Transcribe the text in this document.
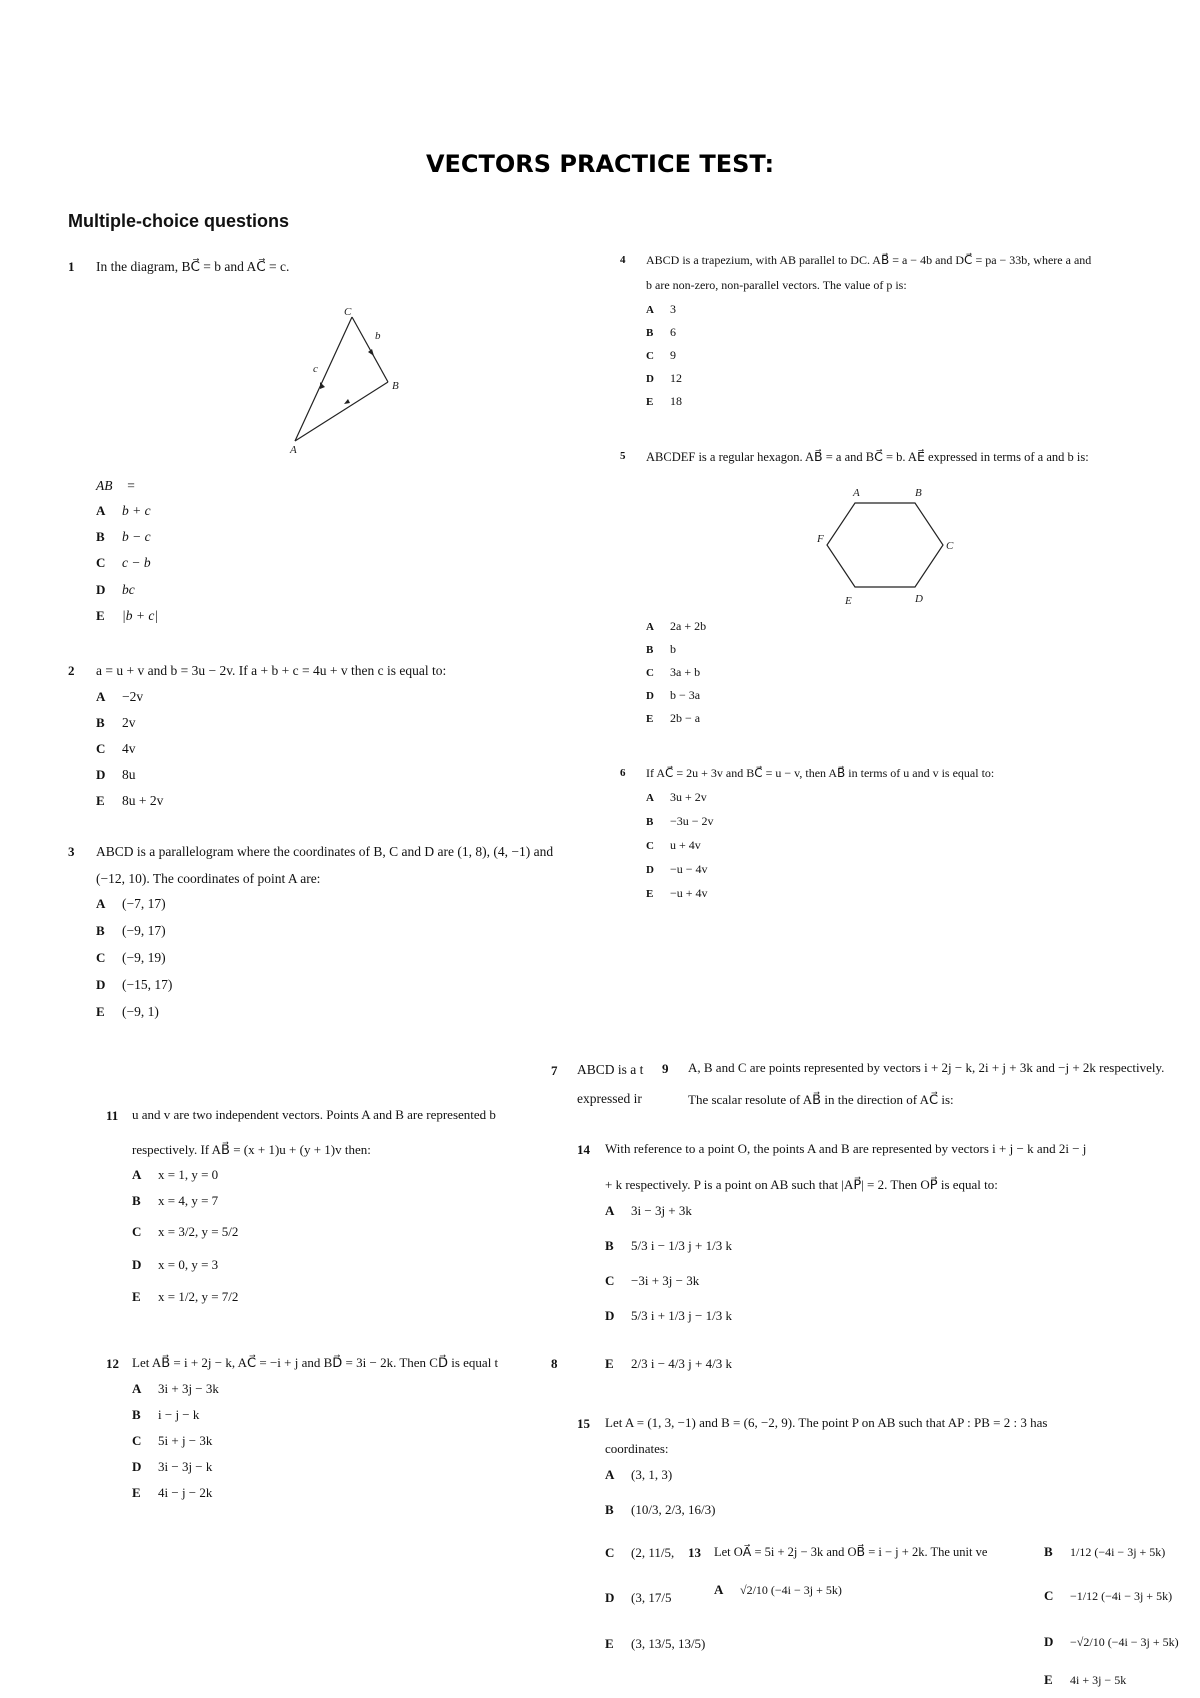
VECTORS PRACTICE TEST:
Multiple-choice questions
1 In the diagram, BC⃗ = b and AC⃗ = c.
C
B
A
b
c
AB⃗ =
A b + c
B b − c
C c − b
D bc
E |b + c|
2 a = u + v and b = 3u − 2v. If a + b + c = 4u + v then c is equal to:
A −2v
B 2v
C 4v
D 8u
E 8u + 2v
3 ABCD is a parallelogram where the coordinates of B, C and D are (1, 8), (4, −1) and
(−12, 10). The coordinates of point A are:
A (−7, 17)
B (−9, 17)
C (−9, 19)
D (−15, 17)
E (−9, 1)
4 ABCD is a trapezium, with AB parallel to DC. AB⃗ = a − 4b and DC⃗ = pa − 33b, where a and
b are non-zero, non-parallel vectors. The value of p is:
A 3
B 6
C 9
D 12
E 18
5 ABCDEF is a regular hexagon. AB⃗ = a and BC⃗ = b. AE⃗ expressed in terms of a and b is:
A	B
C
D
E
F
A 2a + 2b
B b
C 3a + b
D b − 3a
E 2b − a
6 If AC⃗ = 2u + 3v and BC⃗ = u − v, then AB⃗ in terms of u and v is equal to:
A 3u + 2v
B −3u − 2v
C u + 4v
D −u − 4v
E −u + 4v
7 ABCD is a t
expressed ir
9 A, B and C are points represented by vectors i + 2j − k, 2i + j + 3k and −j + 2k respectively.
The scalar resolute of AB⃗ in the direction of AC⃗ is:
8
11 u and v are two independent vectors. Points A and B are represented b
respectively. If AB⃗ = (x + 1)u + (y + 1)v then:
A x = 1, y = 0
B x = 4, y = 7
C x = 3/2, y = 5/2
D x = 0, y = 3
E x = 1/2, y = 7/2
12 Let AB⃗ = i + 2j − k, AC⃗ = −i + j and BD⃗ = 3i − 2k. Then CD⃗ is equal t
A 3i + 3j − 3k
B i − j − k
C 5i + j − 3k
D 3i − 3j − k
E 4i − j − 2k
14 With reference to a point O, the points A and B are represented by vectors i + j − k and 2i − j
+ k respectively. P is a point on AB such that |AP⃗| = 2. Then OP⃗ is equal to:
A 3i − 3j + 3k
B 5/3 i − 1/3 j + 1/3 k
C −3i + 3j − 3k
D 5/3 i + 1/3 j − 1/3 k
E 2/3 i − 4/3 j + 4/3 k
15 Let A = (1, 3, −1) and B = (6, −2, 9). The point P on AB such that AP : PB = 2 : 3 has
coordinates:
A (3, 1, 3)
B (10/3, 2/3, 16/3)
C (2, 11/5,
D (3, 17/5
E (3, 13/5, 13/5)
13 Let OA⃗ = 5i + 2j − 3k and OB⃗ = i − j + 2k. The unit ve
A √2/10 (−4i − 3j + 5k)
B 1/12 (−4i − 3j + 5k)
C −1/12 (−4i − 3j + 5k)
D −√2/10 (−4i − 3j + 5k)
E 4i + 3j − 5k
